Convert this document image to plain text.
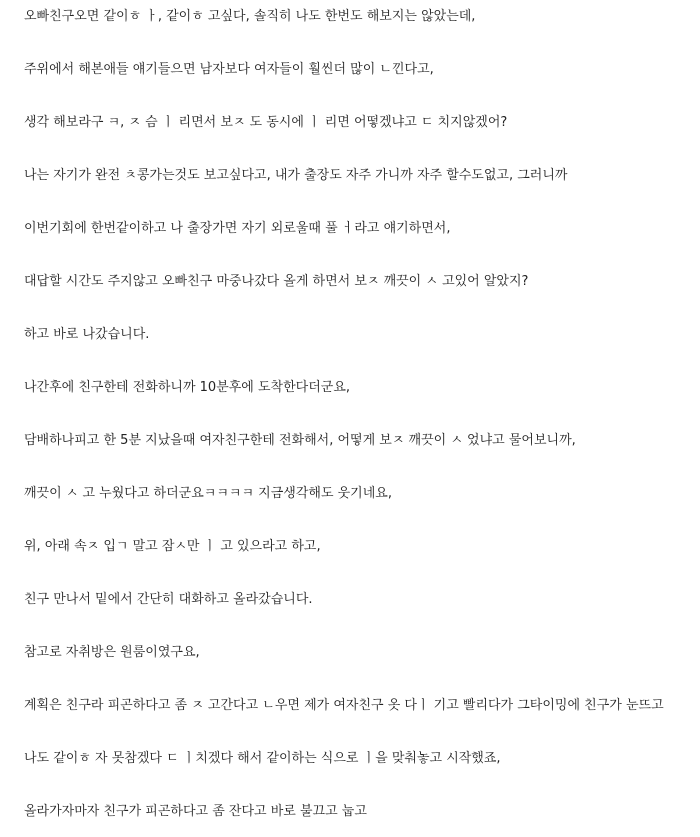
오빠친구오면 같이ㅎ ㅏ, 같이ㅎ 고싶다, 솔직히 나도 한번도 해보지는 않았는데,

주위에서 해본애들 얘기들으면 남자보다 여자들이 훨씬더 많이 ㄴ낀다고,

생각 해보라구 ㅋ, ㅈ 슴 ㅣ 리면서 보ㅈ 도 동시에 ㅣ 리면 어떻겠냐고 ㄷ 치지않겠어?

나는 자기가 완전 ㅊ콩가는것도 보고싶다고, 내가 출장도 자주 가니까 자주 할수도없고, 그러니까

이번기회에 한번같이하고 나 출장가면 자기 외로울때 풀 ㅓ라고 얘기하면서,

대답할 시간도 주지않고 오빠친구 마중나갔다 올게 하면서 보ㅈ 깨끗이 ㅅ 고있어 알았지?

하고 바로 나갔습니다.

나간후에 친구한테 전화하니까 10분후에 도착한다더군요,

담배하나피고 한 5분 지났을때 여자친구한테 전화해서, 어떻게 보ㅈ 깨끗이 ㅅ 었냐고 물어보니까,

깨끗이 ㅅ 고 누웠다고 하더군요ㅋㅋㅋㅋ 지금생각해도 웃기네요,

위, 아래 속ㅈ 입ㄱ 말고 잠ㅅ만 ㅣ 고 있으라고 하고,

친구 만나서 밑에서 간단히 대화하고 올라갔습니다.

참고로 자취방은 원룸이였구요,

계획은 친구라 피곤하다고 좀 ㅈ 고간다고 ㄴ우면 제가 여자친구 옷 다ㅣ 기고 빨리다가 그타이밍에 친구가 눈뜨고

나도 같이ㅎ 자 못참겠다 ㄷ ㅣ치겠다 해서 같이하는 식으로 ㅣ을 맞춰놓고 시작했죠,

올라가자마자 친구가 피곤하다고 좀 잔다고 바로 불끄고 눕고
